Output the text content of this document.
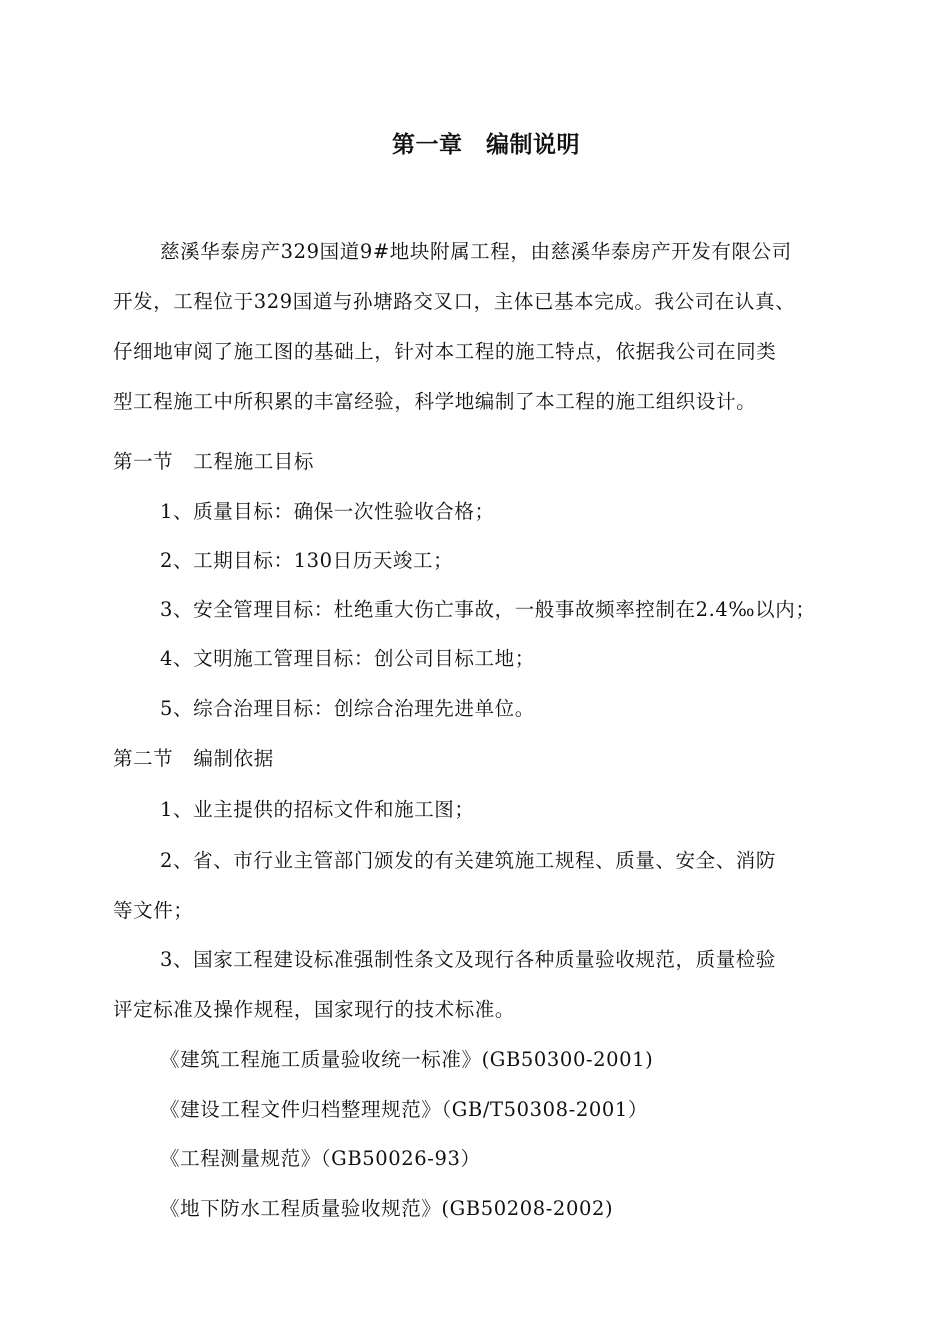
第一章　编制说明
慈溪华泰房产329国道9#地块附属工程，由慈溪华泰房产开发有限公司
开发，工程位于329国道与孙塘路交叉口，主体已基本完成。我公司在认真、
仔细地审阅了施工图的基础上，针对本工程的施工特点，依据我公司在同类
型工程施工中所积累的丰富经验，科学地编制了本工程的施工组织设计。
第一节　工程施工目标
1、质量目标：确保一次性验收合格；
2、工期目标：130日历天竣工；
3、安全管理目标：杜绝重大伤亡事故，一般事故频率控制在2.4‰以内；
4、文明施工管理目标：创公司目标工地；
5、综合治理目标：创综合治理先进单位。
第二节　编制依据
1、业主提供的招标文件和施工图；
2、省、市行业主管部门颁发的有关建筑施工规程、质量、安全、消防
等文件；
3、国家工程建设标准强制性条文及现行各种质量验收规范，质量检验
评定标准及操作规程，国家现行的技术标准。
《建筑工程施工质量验收统一标准》(GB50300-2001)
《建设工程文件归档整理规范》（GB/T50308-2001）
《工程测量规范》（GB50026-93）
《地下防水工程质量验收规范》(GB50208-2002)
